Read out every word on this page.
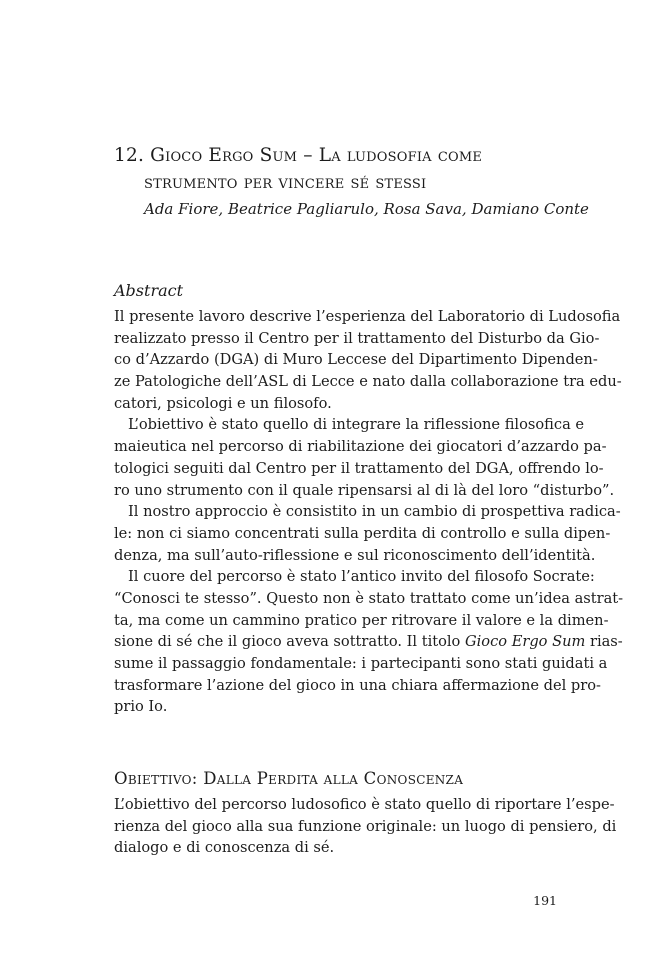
12. Gioco Ergo Sum – La ludosofia come
strumento per vincere sé stessi
Ada Fiore, Beatrice Pagliarulo, Rosa Sava, Damiano Conte
Abstract
Il presente lavoro descrive l’esperienza del Laboratorio di Ludosofia
realizzato presso il Centro per il trattamento del Disturbo da Gio-
co d’Azzardo (DGA) di Muro Leccese del Dipartimento Dipenden-
ze Patologiche dell’ASL di Lecce e nato dalla collaborazione tra edu-
catori, psicologi e un filosofo.
L’obiettivo è stato quello di integrare la riflessione filosofica e
maieutica nel percorso di riabilitazione dei giocatori d’azzardo pa-
tologici seguiti dal Centro per il trattamento del DGA, offrendo lo-
ro uno strumento con il quale ripensarsi al di là del loro “disturbo”.
Il nostro approccio è consistito in un cambio di prospettiva radica-
le: non ci siamo concentrati sulla perdita di controllo e sulla dipen-
denza, ma sull’auto-riflessione e sul riconoscimento dell’identità.
Il cuore del percorso è stato l’antico invito del filosofo Socrate:
“Conosci te stesso”. Questo non è stato trattato come un’idea astrat-
ta, ma come un cammino pratico per ritrovare il valore e la dimen-
sione di sé che il gioco aveva sottratto. Il titolo Gioco Ergo Sum rias-
sume il passaggio fondamentale: i partecipanti sono stati guidati a
trasformare l’azione del gioco in una chiara affermazione del pro-
prio Io.
Obiettivo: Dalla Perdita alla Conoscenza
L’obiettivo del percorso ludosofico è stato quello di riportare l’espe-
rienza del gioco alla sua funzione originale: un luogo di pensiero, di
dialogo e di conoscenza di sé.
191
